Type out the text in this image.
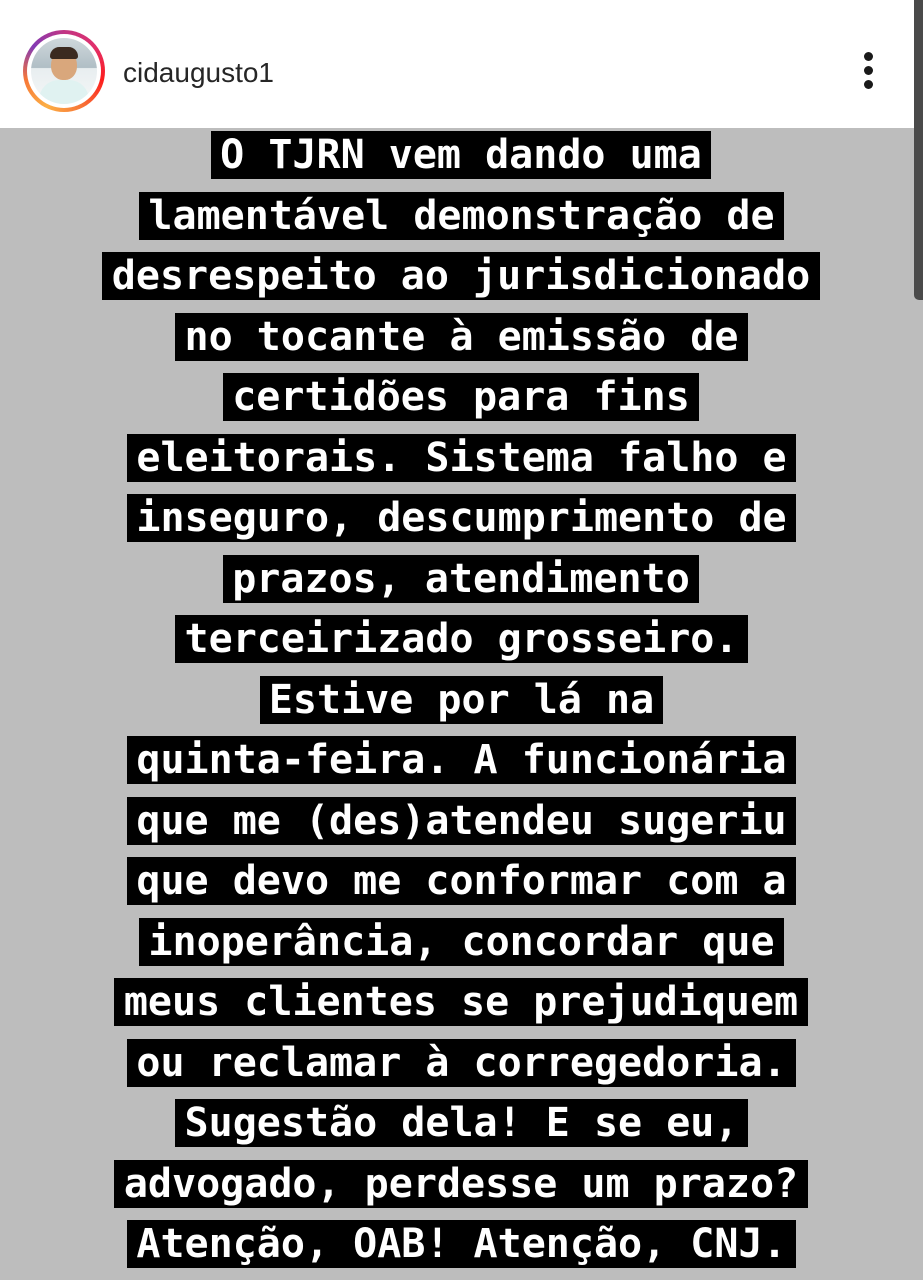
cidaugusto1
O TJRN vem dando uma
lamentável demonstração de
desrespeito ao jurisdicionado
no tocante à emissão de
certidões para fins
eleitorais. Sistema falho e
inseguro, descumprimento de
prazos, atendimento
terceirizado grosseiro.
Estive por lá na
quinta-feira. A funcionária
que me (des)atendeu sugeriu
que devo me conformar com a
inoperância, concordar que
meus clientes se prejudiquem
ou reclamar à corregedoria.
Sugestão dela! E se eu,
advogado, perdesse um prazo?
Atenção, OAB! Atenção, CNJ.
